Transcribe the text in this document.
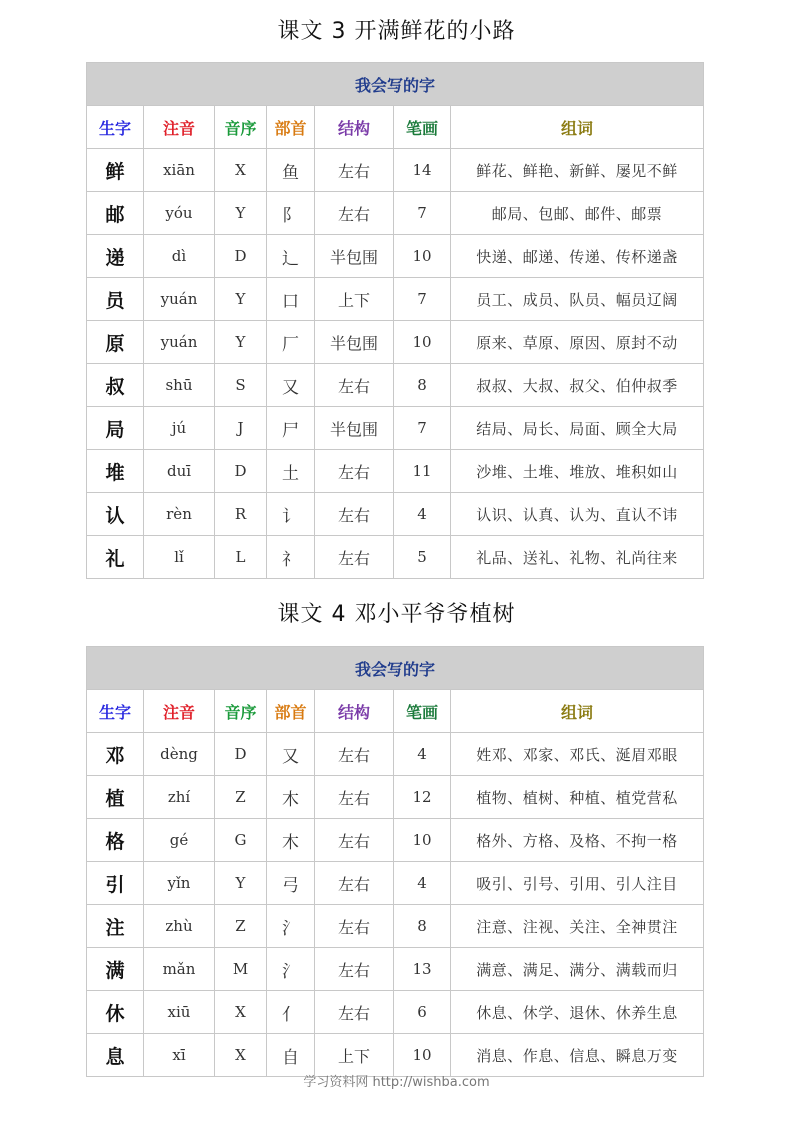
课文 3 开满鲜花的小路
我会写的字						
生字	注音	音序	部首	结构	笔画	组词
鲜	xiān	X	鱼	左右	14	鲜花、鲜艳、新鲜、屡见不鲜
邮	yóu	Y	阝	左右	7	邮局、包邮、邮件、邮票
递	dì	D	辶	半包围	10	快递、邮递、传递、传杯递盏
员	yuán	Y	口	上下	7	员工、成员、队员、幅员辽阔
原	yuán	Y	厂	半包围	10	原来、草原、原因、原封不动
叔	shū	S	又	左右	8	叔叔、大叔、叔父、伯仲叔季
局	jú	J	尸	半包围	7	结局、局长、局面、顾全大局
堆	duī	D	土	左右	11	沙堆、土堆、堆放、堆积如山
认	rèn	R	讠	左右	4	认识、认真、认为、直认不讳
礼	lǐ	L	礻	左右	5	礼品、送礼、礼物、礼尚往来
课文 4 邓小平爷爷植树
我会写的字						
生字	注音	音序	部首	结构	笔画	组词
邓	dèng	D	又	左右	4	姓邓、邓家、邓氏、涎眉邓眼
植	zhí	Z	木	左右	12	植物、植树、种植、植党营私
格	gé	G	木	左右	10	格外、方格、及格、不拘一格
引	yǐn	Y	弓	左右	4	吸引、引号、引用、引人注目
注	zhù	Z	氵	左右	8	注意、注视、关注、全神贯注
满	mǎn	M	氵	左右	13	满意、满足、满分、满载而归
休	xiū	X	亻	左右	6	休息、休学、退休、休养生息
息	xī	X	自	上下	10	消息、作息、信息、瞬息万变
学习资料网 http://wishba.com
